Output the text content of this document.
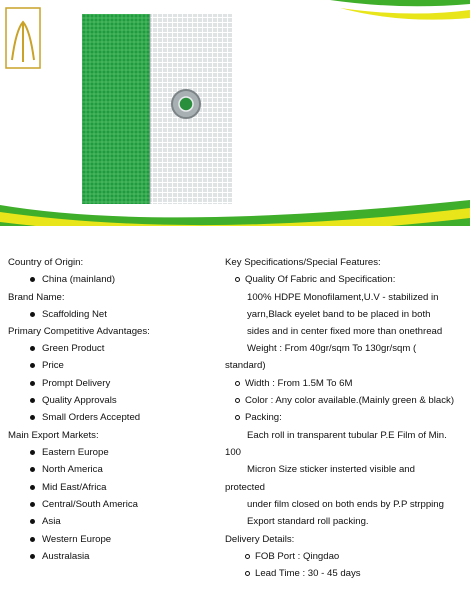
Country of Origin:
China (mainland)
Brand Name:
Scaffolding Net
Primary Competitive Advantages:
Green Product
Price
Prompt Delivery
Quality Approvals
Small Orders Accepted
Main Export Markets:
Eastern Europe
North America
Mid East/Africa
Central/South America
Asia
Western Europe
Australasia
Key Specifications/Special Features:
Quality Of Fabric and Specification:
100% HDPE Monofilament,U.V - stabilized in
yarn,Black eyelet band to be placed in both
sides and in center fixed more than onethread
Weight : From 40gr/sqm To 130gr/sqm (
standard)
Width : From 1.5M To 6M
Color : Any color available.(Mainly green & black)
Packing:
Each roll in transparent tubular P.E Film of Min.
100
Micron Size sticker insterted visible and
protected
under film closed on both ends by P.P strpping
Export standard roll packing.
Delivery Details:
FOB Port : Qingdao
Lead Time : 30 - 45 days
